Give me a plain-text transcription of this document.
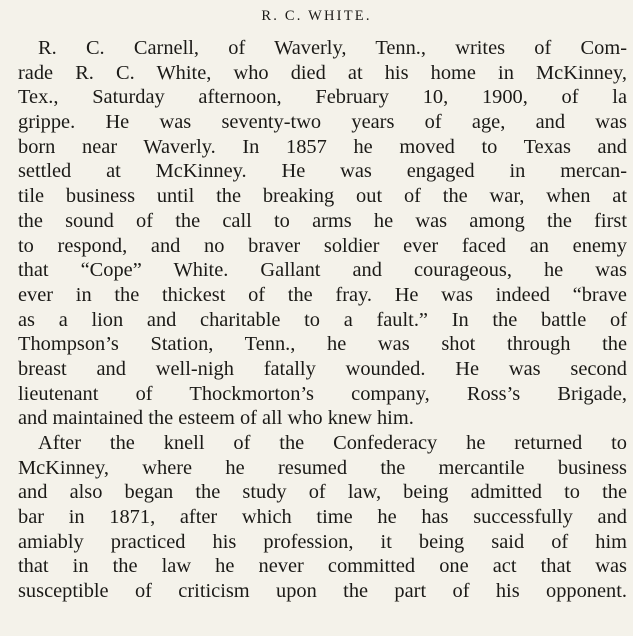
R. C. WHITE.
R. C. Carnell, of Waverly, Tenn., writes of Com-
rade R. C. White, who died at his home in McKinney,
Tex., Saturday afternoon, February 10, 1900, of la
grippe. He was seventy-two years of age, and was
born near Waverly. In 1857 he moved to Texas and
settled at McKinney. He was engaged in mercan-
tile business until the breaking out of the war, when at
the sound of the call to arms he was among the first
to respond, and no braver soldier ever faced an enemy
that “Cope” White. Gallant and courageous, he was
ever in the thickest of the fray. He was indeed “brave
as a lion and charitable to a fault.” In the battle of
Thompson’s Station, Tenn., he was shot through the
breast and well-nigh fatally wounded. He was second
lieutenant of Thockmorton’s company, Ross’s Brigade,
and maintained the esteem of all who knew him.
After the knell of the Confederacy he returned to
McKinney, where he resumed the mercantile business
and also began the study of law, being admitted to the
bar in 1871, after which time he has successfully and
amiably practiced his profession, it being said of him
that in the law he never committed one act that was
susceptible of criticism upon the part of his opponent.
